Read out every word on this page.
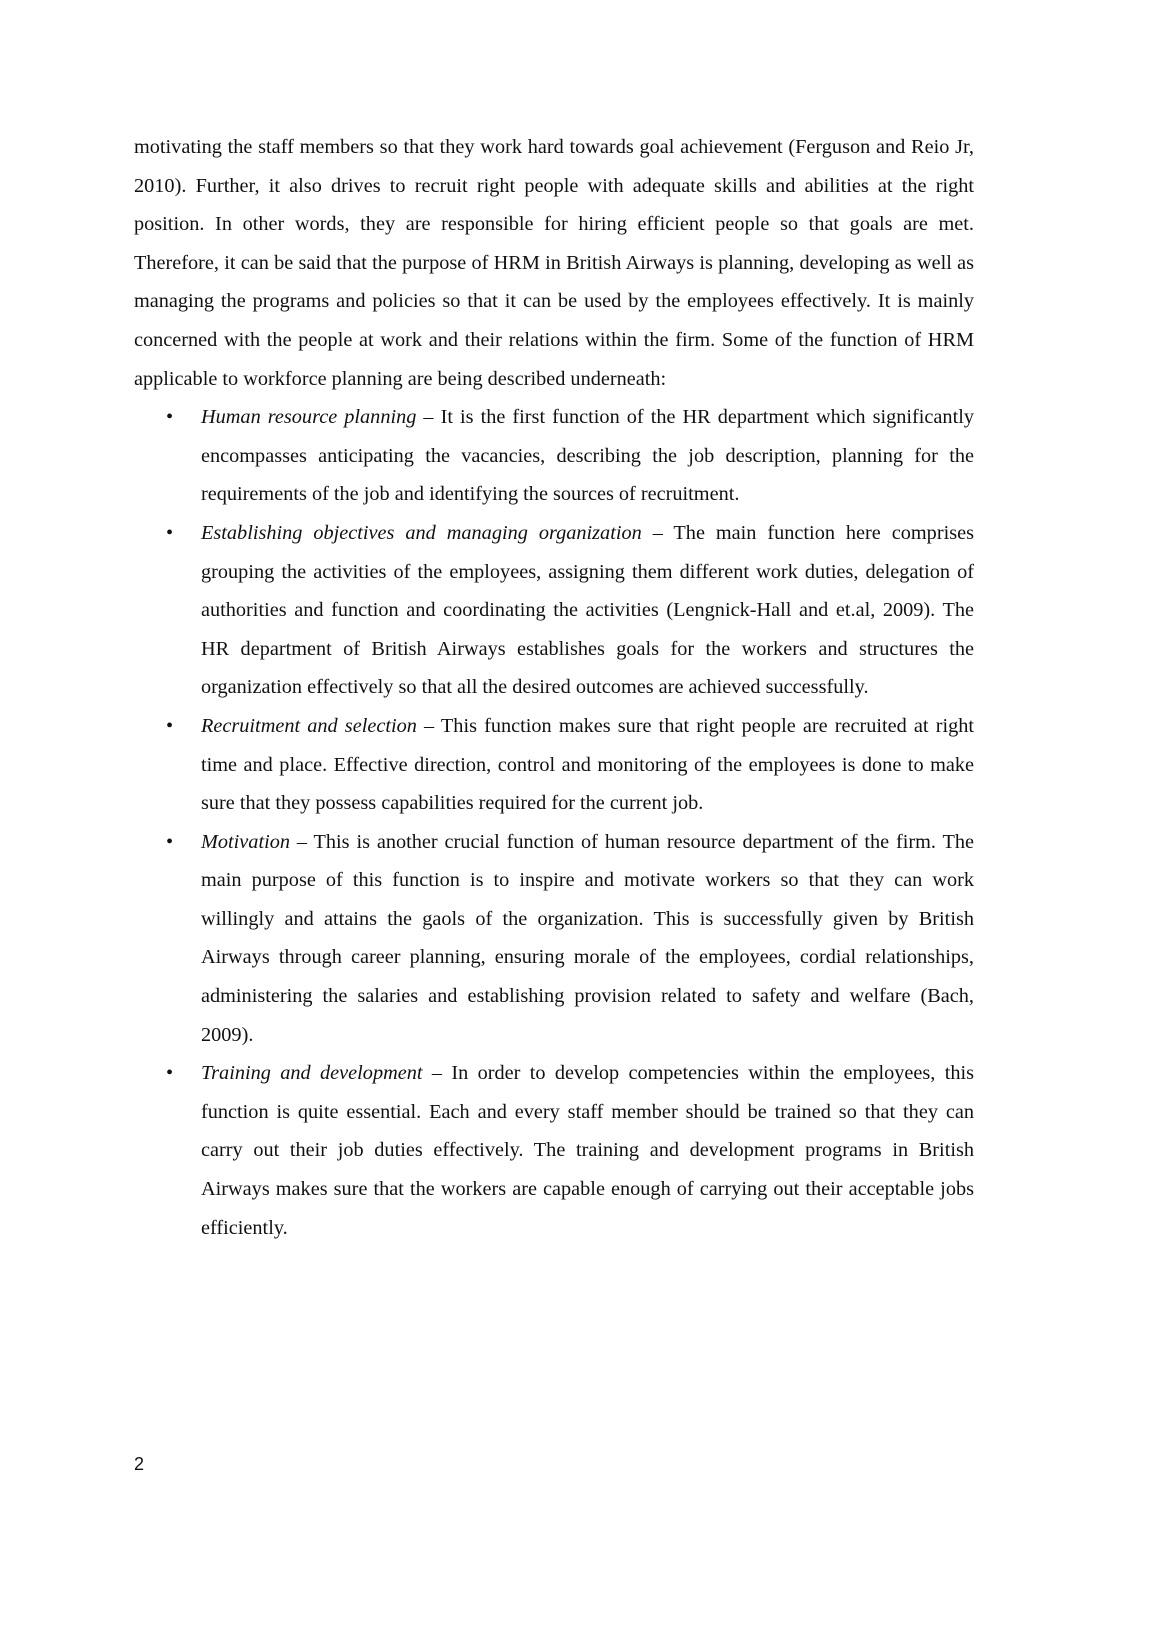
motivating the staff members so that they work hard towards goal achievement (Ferguson and Reio Jr, 2010). Further, it also drives to recruit right people with adequate skills and abilities at the right position. In other words, they are responsible for hiring efficient people so that goals are met. Therefore, it can be said that the purpose of HRM in British Airways is planning, developing as well as managing the programs and policies so that it can be used by the employees effectively. It is mainly concerned with the people at work and their relations within the firm. Some of the function of HRM applicable to workforce planning are being described underneath:

• Human resource planning – It is the first function of the HR department which significantly encompasses anticipating the vacancies, describing the job description, planning for the requirements of the job and identifying the sources of recruitment.
• Establishing objectives and managing organization – The main function here comprises grouping the activities of the employees, assigning them different work duties, delegation of authorities and function and coordinating the activities (Lengnick-Hall and et.al, 2009). The HR department of British Airways establishes goals for the workers and structures the organization effectively so that all the desired outcomes are achieved successfully.
• Recruitment and selection – This function makes sure that right people are recruited at right time and place. Effective direction, control and monitoring of the employees is done to make sure that they possess capabilities required for the current job.
• Motivation – This is another crucial function of human resource department of the firm. The main purpose of this function is to inspire and motivate workers so that they can work willingly and attains the gaols of the organization. This is successfully given by British Airways through career planning, ensuring morale of the employees, cordial relationships, administering the salaries and establishing provision related to safety and welfare (Bach, 2009).
• Training and development – In order to develop competencies within the employees, this function is quite essential. Each and every staff member should be trained so that they can carry out their job duties effectively. The training and development programs in British Airways makes sure that the workers are capable enough of carrying out their acceptable jobs efficiently.
2
